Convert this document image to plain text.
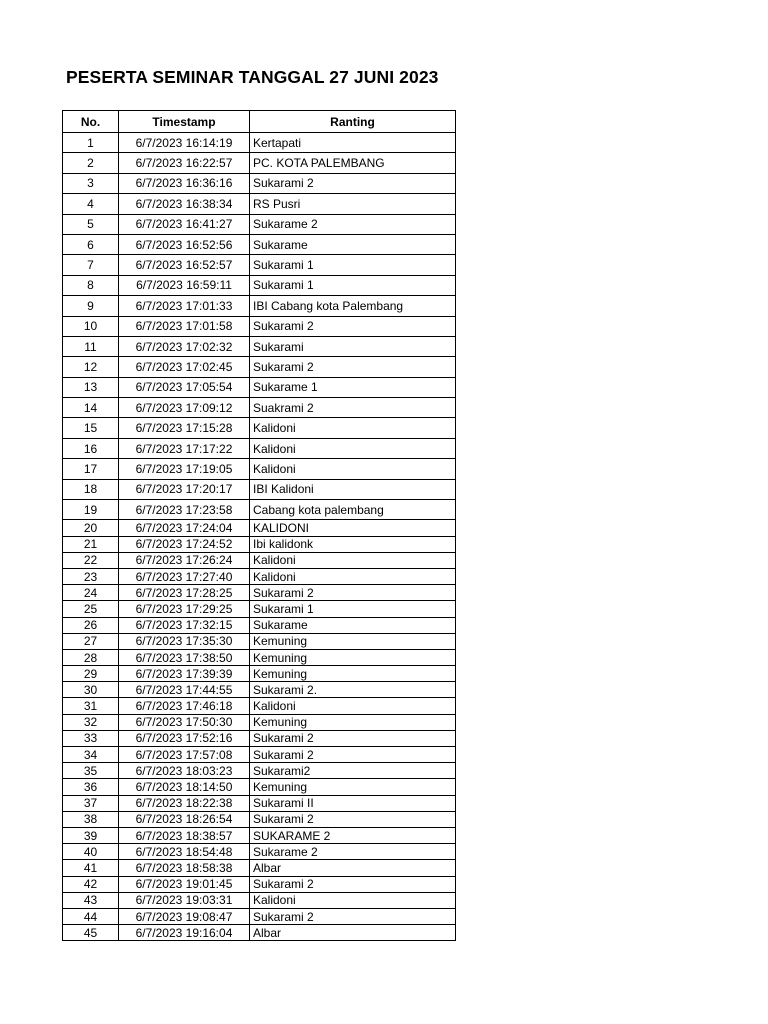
PESERTA SEMINAR TANGGAL 27 JUNI 2023
No.	Timestamp	Ranting
1	6/7/2023 16:14:19	Kertapati
2	6/7/2023 16:22:57	PC. KOTA PALEMBANG
3	6/7/2023 16:36:16	Sukarami 2
4	6/7/2023 16:38:34	RS Pusri
5	6/7/2023 16:41:27	Sukarame 2
6	6/7/2023 16:52:56	Sukarame
7	6/7/2023 16:52:57	Sukarami 1
8	6/7/2023 16:59:11	Sukarami 1
9	6/7/2023 17:01:33	IBI Cabang kota Palembang
10	6/7/2023 17:01:58	Sukarami 2
11	6/7/2023 17:02:32	Sukarami
12	6/7/2023 17:02:45	Sukarami 2
13	6/7/2023 17:05:54	Sukarame 1
14	6/7/2023 17:09:12	Suakrami 2
15	6/7/2023 17:15:28	Kalidoni
16	6/7/2023 17:17:22	Kalidoni
17	6/7/2023 17:19:05	Kalidoni
18	6/7/2023 17:20:17	IBI Kalidoni
19	6/7/2023 17:23:58	Cabang kota palembang
20	6/7/2023 17:24:04	KALIDONI
21	6/7/2023 17:24:52	Ibi kalidonk
22	6/7/2023 17:26:24	Kalidoni
23	6/7/2023 17:27:40	Kalidoni
24	6/7/2023 17:28:25	Sukarami 2
25	6/7/2023 17:29:25	Sukarami 1
26	6/7/2023 17:32:15	Sukarame
27	6/7/2023 17:35:30	Kemuning
28	6/7/2023 17:38:50	Kemuning
29	6/7/2023 17:39:39	Kemuning
30	6/7/2023 17:44:55	Sukarami 2.
31	6/7/2023 17:46:18	Kalidoni
32	6/7/2023 17:50:30	Kemuning
33	6/7/2023 17:52:16	Sukarami 2
34	6/7/2023 17:57:08	Sukarami 2
35	6/7/2023 18:03:23	Sukarami2
36	6/7/2023 18:14:50	Kemuning
37	6/7/2023 18:22:38	Sukarami II
38	6/7/2023 18:26:54	Sukarami 2
39	6/7/2023 18:38:57	SUKARAME 2
40	6/7/2023 18:54:48	Sukarame 2
41	6/7/2023 18:58:38	Albar
42	6/7/2023 19:01:45	Sukarami 2
43	6/7/2023 19:03:31	Kalidoni
44	6/7/2023 19:08:47	Sukarami 2
45	6/7/2023 19:16:04	Albar
